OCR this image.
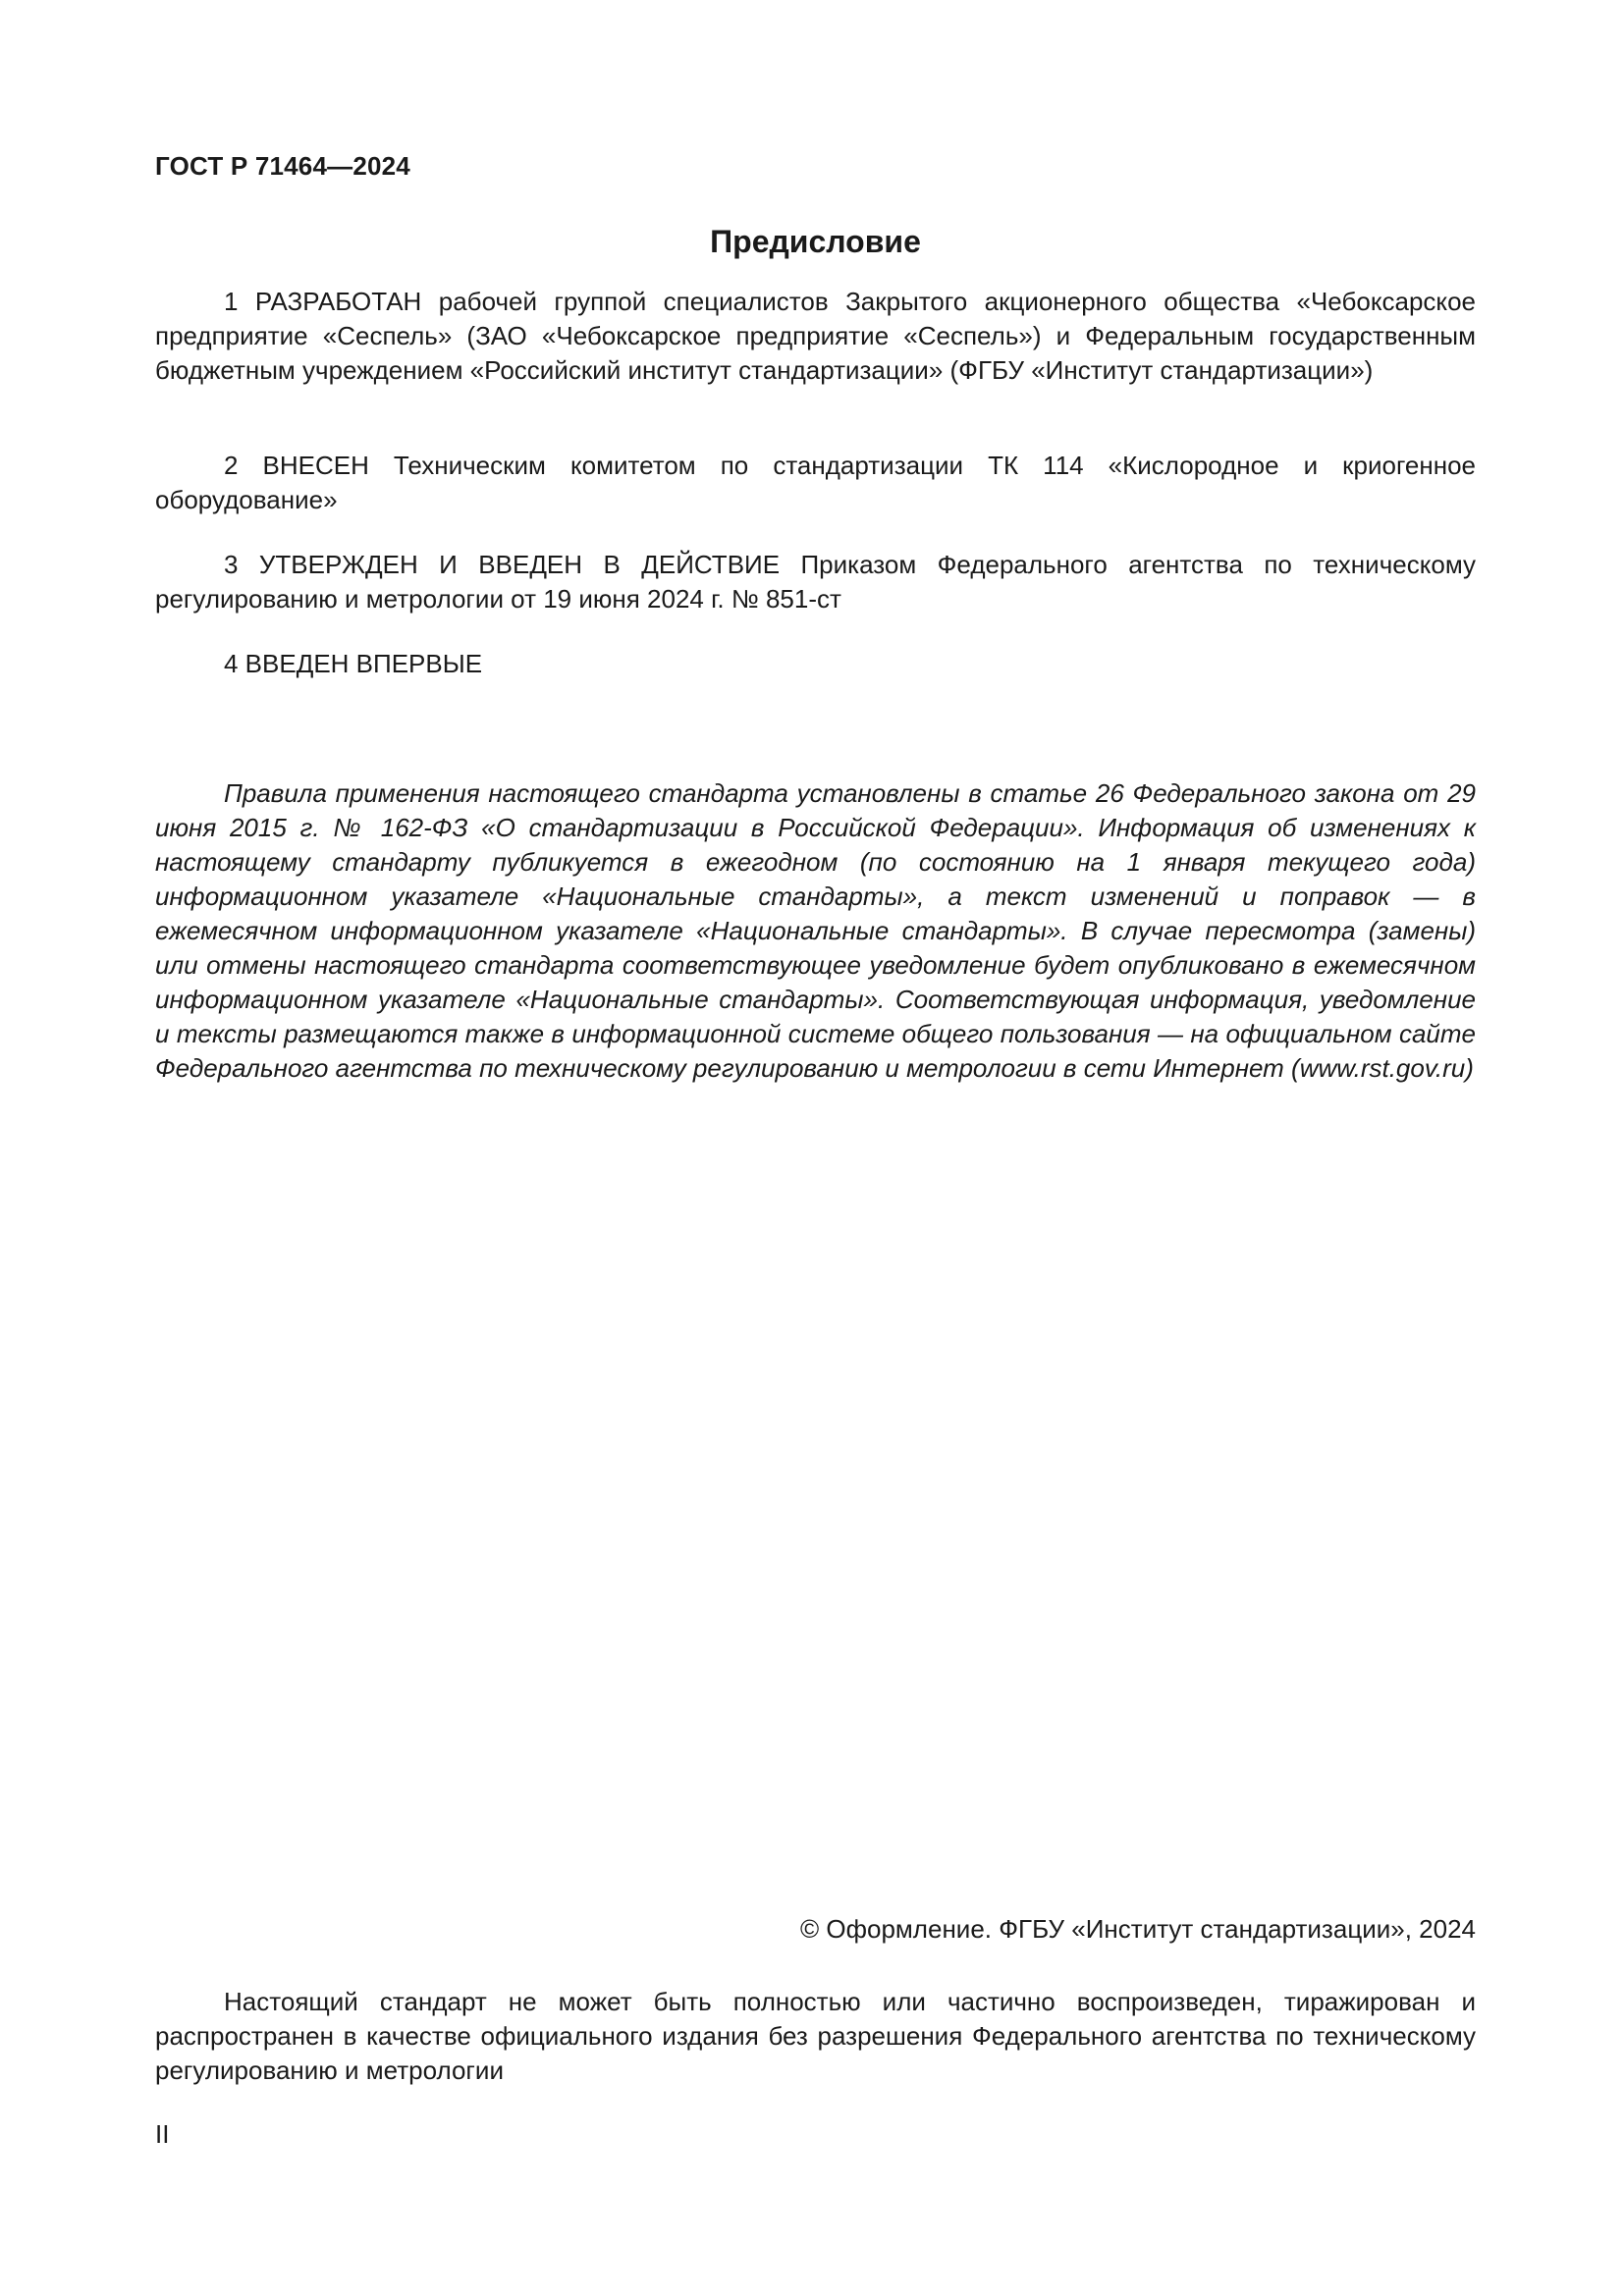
ГОСТ Р 71464—2024
Предисловие

1 РАЗРАБОТАН рабочей группой специалистов Закрытого акционерного общества «Чебоксарское предприятие «Сеспель» (ЗАО «Чебоксарское предприятие «Сеспель») и Федеральным государственным бюджетным учреждением «Российский институт стандартизации» (ФГБУ «Институт стандартизации»)

2 ВНЕСЕН Техническим комитетом по стандартизации ТК 114 «Кислородное и криогенное оборудование»

3 УТВЕРЖДЕН И ВВЕДЕН В ДЕЙСТВИЕ Приказом Федерального агентства по техническому регулированию и метрологии от 19 июня 2024 г. № 851-ст

4 ВВЕДЕН ВПЕРВЫЕ

Правила применения настоящего стандарта установлены в статье 26 Федерального закона от 29 июня 2015 г. № 162-ФЗ «О стандартизации в Российской Федерации». Информация об изменениях к настоящему стандарту публикуется в ежегодном (по состоянию на 1 января текущего года) информационном указателе «Национальные стандарты», а текст изменений и поправок — в ежемесячном информационном указателе «Национальные стандарты». В случае пересмотра (замены) или отмены настоящего стандарта соответствующее уведомление будет опубликовано в ежемесячном информационном указателе «Национальные стандарты». Соответствующая информация, уведомление и тексты размещаются также в информационной системе общего пользования — на официальном сайте Федерального агентства по техническому регулированию и метрологии в сети Интернет (www.rst.gov.ru)

© Оформление. ФГБУ «Институт стандартизации», 2024

Настоящий стандарт не может быть полностью или частично воспроизведен, тиражирован и распространен в качестве официального издания без разрешения Федерального агентства по техническому регулированию и метрологии

II
